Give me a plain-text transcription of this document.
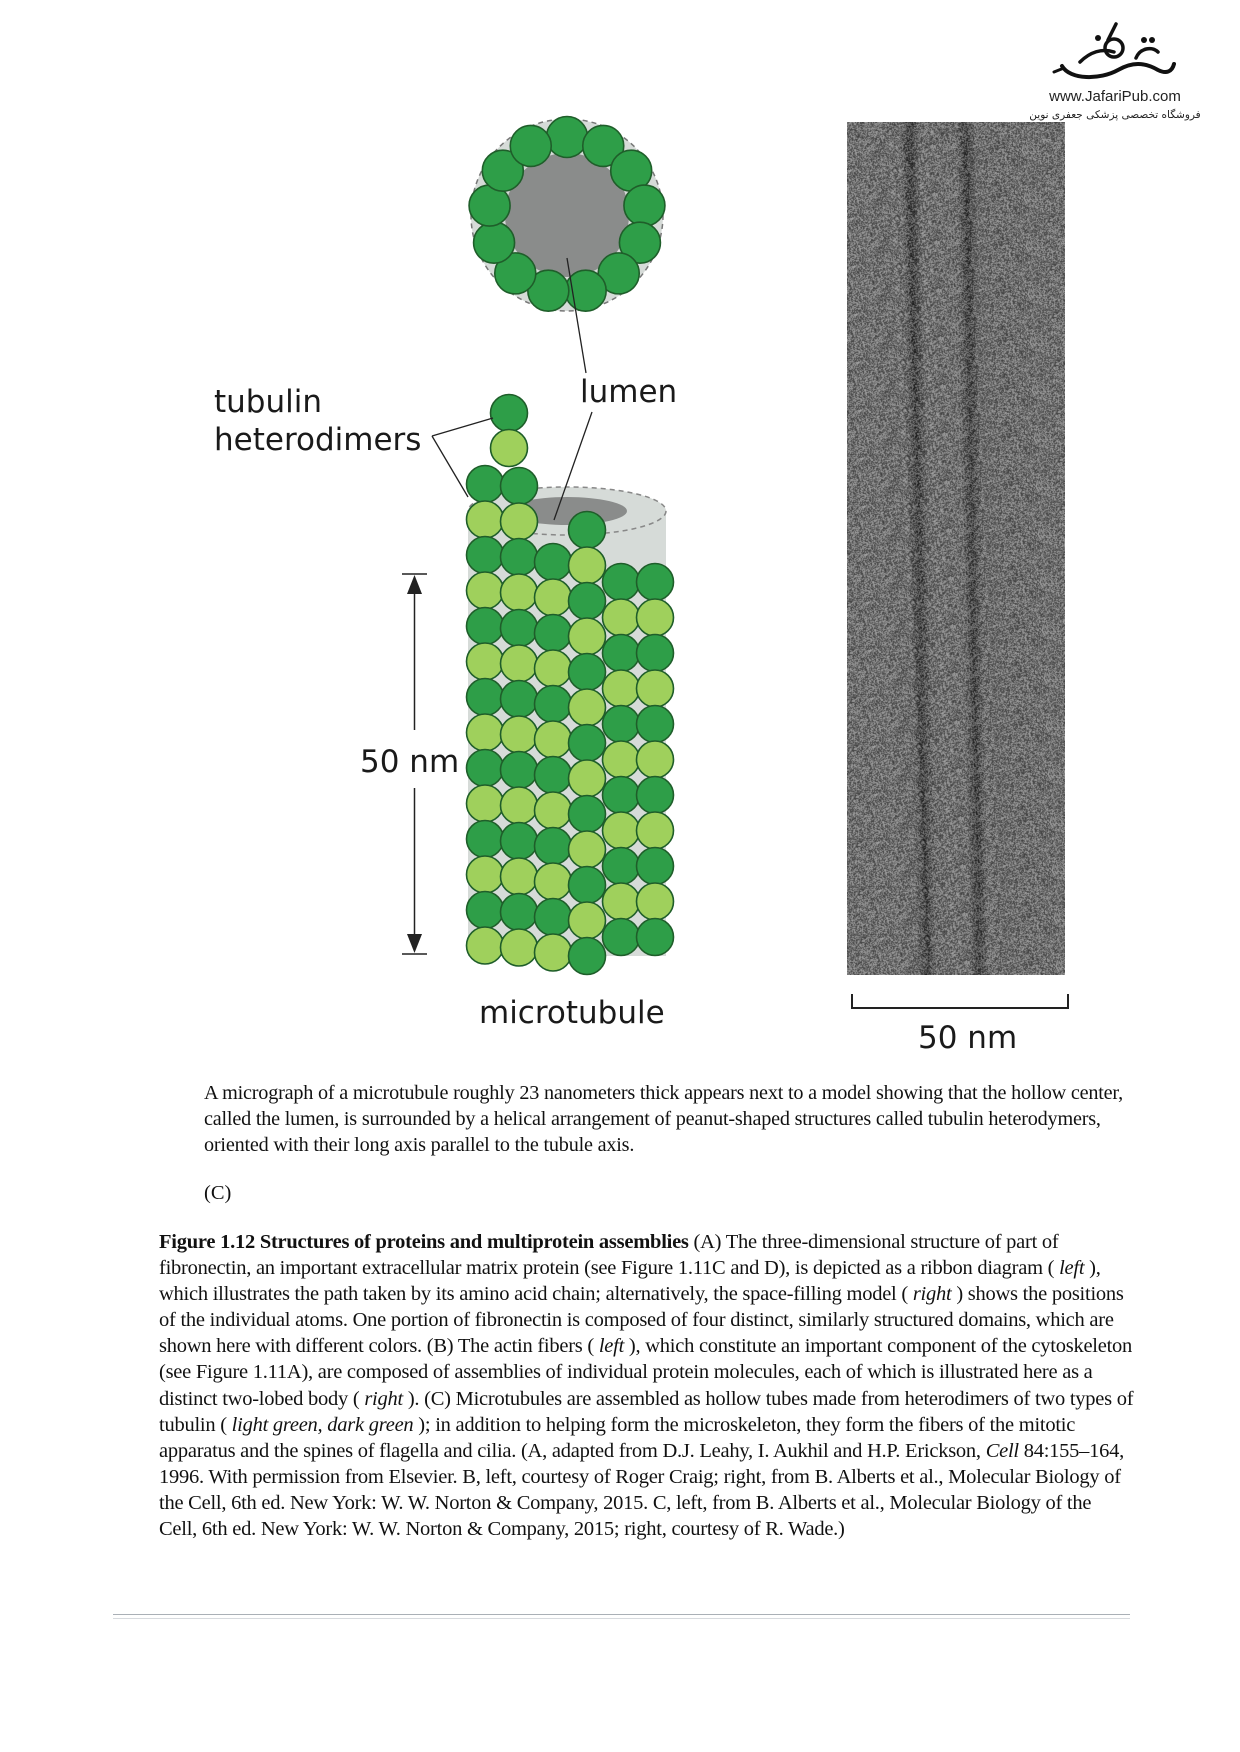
www.JafariPub.com
فروشگاه تخصصی پزشکی جعفری نوین
tubulin
heterodimers
lumen
50 nm
microtubule
50 nm
A micrograph of a microtubule roughly 23 nanometers thick appears next to a model showing that the hollow center, called the lumen, is surrounded by a helical arrangement of peanut-shaped structures called tubulin heterodymers, oriented with their long axis parallel to the tubule axis.
(C)
Figure 1.12 Structures of proteins and multiprotein assemblies (A) The three-dimensional structure of part of fibronectin, an important extracellular matrix protein (see Figure 1.11C and D), is depicted as a ribbon diagram ( left ), which illustrates the path taken by its amino acid chain; alternatively, the space-filling model ( right ) shows the positions of the individual atoms. One portion of fibronectin is composed of four distinct, similarly structured domains, which are shown here with different colors. (B) The actin fibers ( left ), which constitute an important component of the cytoskeleton (see Figure 1.11A), are composed of assemblies of individual protein molecules, each of which is illustrated here as a distinct two-lobed body ( right ). (C) Microtubules are assembled as hollow tubes made from heterodimers of two types of tubulin ( light green, dark green ); in addition to helping form the microskeleton, they form the fibers of the mitotic apparatus and the spines of flagella and cilia. (A, adapted from D.J. Leahy, I. Aukhil and H.P. Erickson, Cell 84:155–164, 1996. With permission from Elsevier. B, left, courtesy of Roger Craig; right, from B. Alberts et al., Molecular Biology of the Cell, 6th ed. New York: W. W. Norton & Company, 2015. C, left, from B. Alberts et al., Molecular Biology of the Cell, 6th ed. New York: W. W. Norton & Company, 2015; right, courtesy of R. Wade.)
